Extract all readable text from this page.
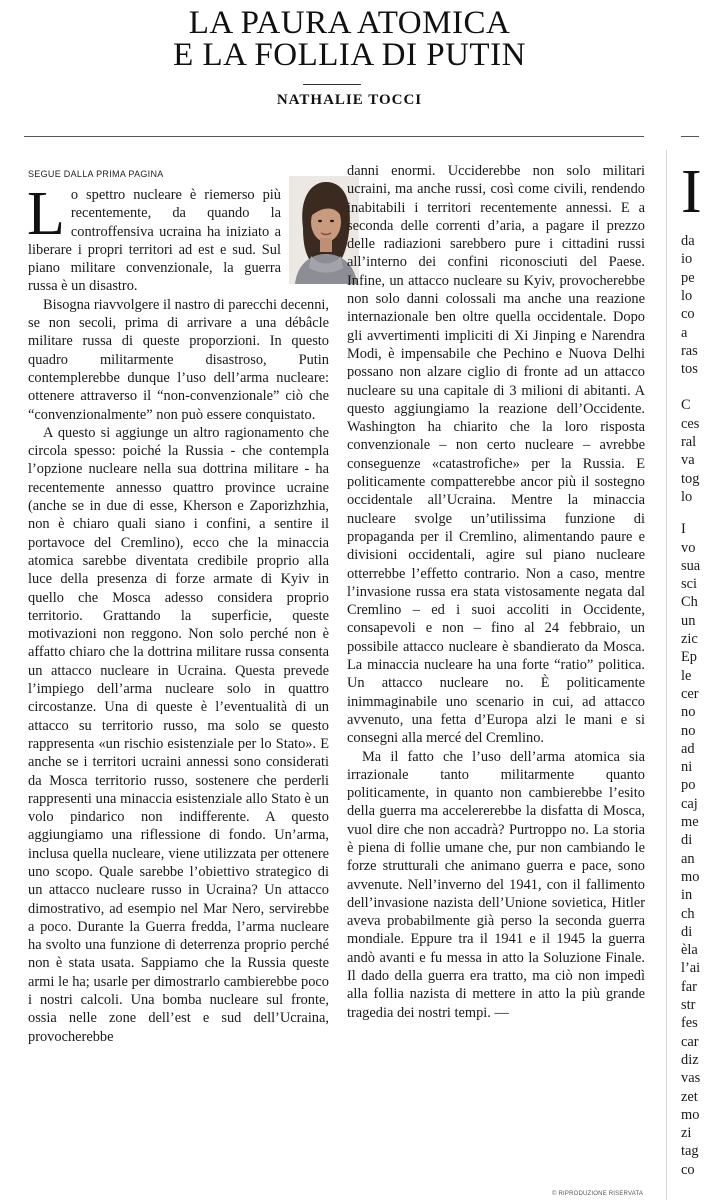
LA PAURA ATOMICA
E LA FOLLIA DI PUTIN
NATHALIE TOCCI
SEGUE DALLA PRIMA PAGINA

Lo spettro nucleare è riemerso più recentemente, da quando la controffensiva ucraina ha iniziato a liberare i propri territori ad est e sud. Sul piano militare convenzionale, la guerra russa è un disastro.

Bisogna riavvolgere il nastro di parecchi decenni, se non secoli, prima di arrivare a una débâcle militare russa di queste proporzioni. In questo quadro militarmente disastroso, Putin contemplerebbe dunque l’uso dell’arma nucleare: ottenere attraverso il “non-convenzionale” ciò che “convenzionalmente” non può essere conquistato.

A questo si aggiunge un altro ragionamento che circola spesso: poiché la Russia - che contempla l’opzione nucleare nella sua dottrina militare - ha recentemente annesso quattro province ucraine (anche se in due di esse, Kherson e Zaporizhzhia, non è chiaro quali siano i confini, a sentire il portavoce del Cremlino), ecco che la minaccia atomica sarebbe diventata credibile proprio alla luce della presenza di forze armate di Kyiv in quello che Mosca adesso considera proprio territorio. Grattando la superficie, queste motivazioni non reggono. Non solo perché non è affatto chiaro che la dottrina militare russa consenta un attacco nucleare in Ucraina. Questa prevede l’impiego dell’arma nucleare solo in quattro circostanze. Una di queste è l’eventualità di un attacco su territorio russo, ma solo se questo rappresenta «un rischio esistenziale per lo Stato». E anche se i territori ucraini annessi sono considerati da Mosca territorio russo, sostenere che perderli rappresenti una minaccia esistenziale allo Stato è un volo pindarico non indifferente. A questo aggiungiamo una riflessione di fondo. Un’arma, inclusa quella nucleare, viene utilizzata per ottenere uno scopo. Quale sarebbe l’obiettivo strategico di un attacco nucleare russo in Ucraina? Un attacco dimostrativo, ad esempio nel Mar Nero, servirebbe a poco. Durante la Guerra fredda, l’arma nucleare ha svolto una funzione di deterrenza proprio perché non è stata usata. Sappiamo che la Russia queste armi le ha; usarle per dimostrarlo cambierebbe poco i nostri calcoli. Una bomba nucleare sul fronte, ossia nelle zone dell’est e sud dell’Ucraina, provocherebbe

danni enormi. Ucciderebbe non solo militari ucraini, ma anche russi, così come civili, rendendo inabitabili i territori recentemente annessi. E a seconda delle correnti d’aria, a pagare il prezzo delle radiazioni sarebbero pure i cittadini russi all’interno dei confini riconosciuti del Paese. Infine, un attacco nucleare su Kyiv, provocherebbe non solo danni colossali ma anche una reazione internazionale ben oltre quella occidentale. Dopo gli avvertimenti impliciti di Xi Jinping e Narendra Modi, è impensabile che Pechino e Nuova Delhi possano non alzare ciglio di fronte ad un attacco nucleare su una capitale di 3 milioni di abitanti. A questo aggiungiamo la reazione dell’Occidente. Washington ha chiarito che la loro risposta convenzionale – non certo nucleare – avrebbe conseguenze «catastrofiche» per la Russia. E politicamente compatterebbe ancor più il sostegno occidentale all’Ucraina. Mentre la minaccia nucleare svolge un’utilissima funzione di propaganda per il Cremlino, alimentando paure e divisioni occidentali, agire sul piano nucleare otterrebbe l’effetto contrario. Non a caso, mentre l’invasione russa era stata vistosamente negata dal Cremlino – ed i suoi accoliti in Occidente, consapevoli e non – fino al 24 febbraio, un possibile attacco nucleare è sbandierato da Mosca. La minaccia nucleare ha una forte “ratio” politica. Un attacco nucleare no. È politicamente inimmaginabile uno scenario in cui, ad attacco avvenuto, una fetta d’Europa alzi le mani e si consegni alla mercé del Cremlino.

Ma il fatto che l’uso dell’arma atomica sia irrazionale tanto militarmente quanto politicamente, in quanto non cambierebbe l’esito della guerra ma accelererebbe la disfatta di Mosca, vuol dire che non accadrà? Purtroppo no. La storia è piena di follie umane che, pur non cambiando le forze strutturali che animano guerra e pace, sono avvenute. Nell’inverno del 1941, con il fallimento dell’invasione nazista dell’Unione sovietica, Hitler aveva probabilmente già perso la seconda guerra mondiale. Eppure tra il 1941 e il 1945 la guerra andò avanti e fu messa in atto la Soluzione Finale. Il dado della guerra era tratto, ma ciò non impedì alla follia nazista di mettere in atto la più grande tragedia dei nostri tempi. —

© RIPRODUZIONE RISERVATA
I
da
io
pe
lo
co
a
ras
tos
C
ces
ral
va
tog
lo
I
vo
sua
sci
Ch
un
zic
Ep
le
cer
no
no
ad
ni
po
caj
me
di
an
mo
in
ch
di
èla
l’ai
far
str
fes
car
diz
vas
zet
mo
zi
tag
co
